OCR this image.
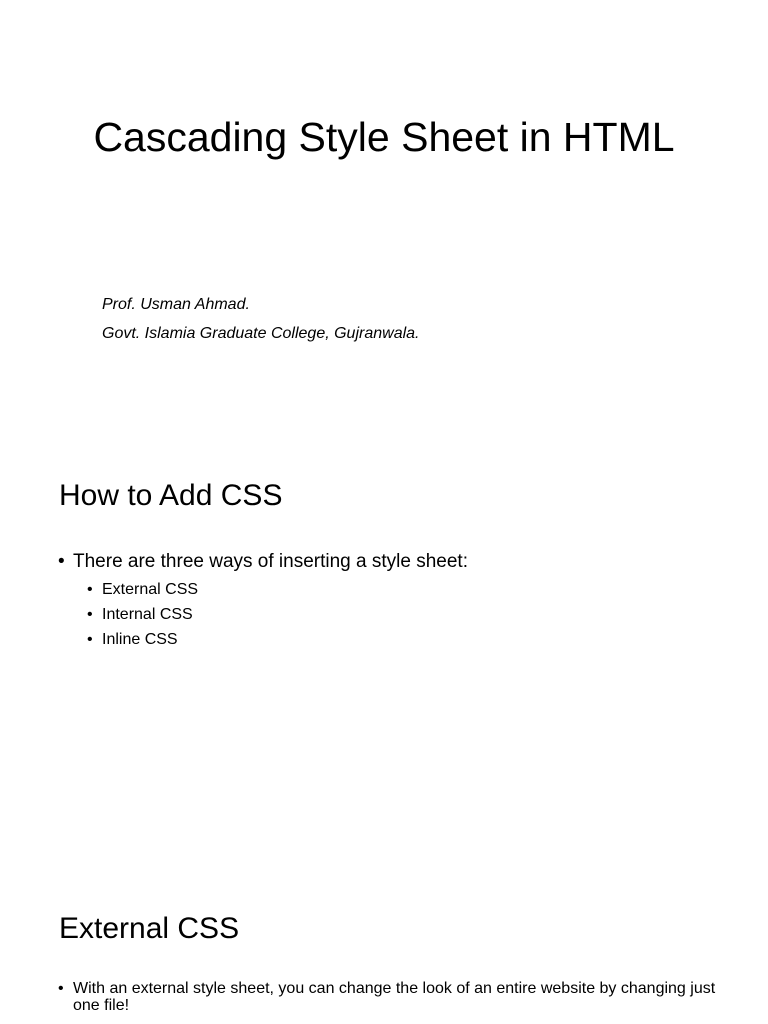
Cascading Style Sheet in HTML
Prof. Usman Ahmad.
Govt. Islamia Graduate College, Gujranwala.
How to Add CSS
• There are three ways of inserting a style sheet:
• External CSS
• Internal CSS
• Inline CSS
External CSS
• With an external style sheet, you can change the look of an entire website by changing just one file!
